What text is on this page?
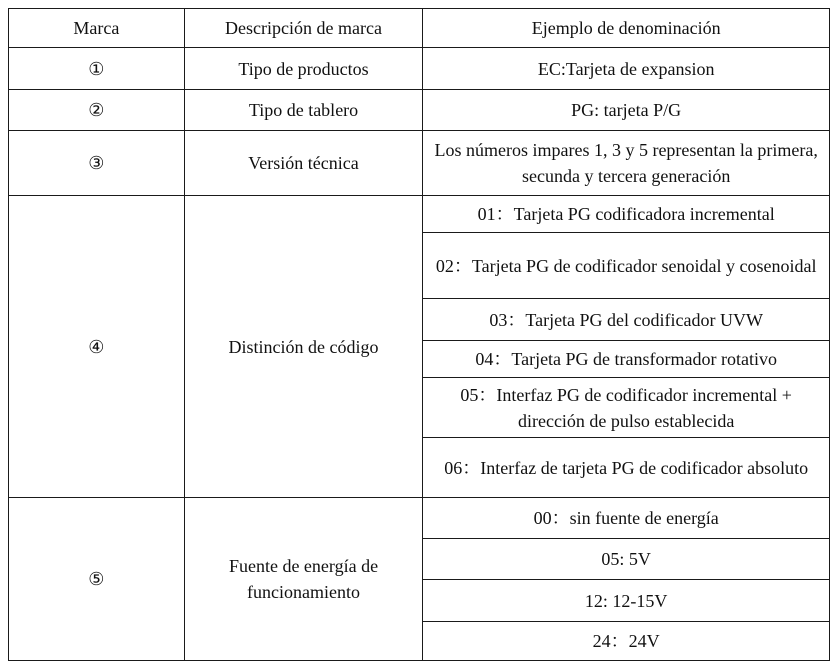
Marca	Descripción de marca	Ejemplo de denominación
①	Tipo de productos	EC:Tarjeta de expansion
②	Tipo de tablero	PG: tarjeta P/G
③	Versión técnica	Los números impares 1, 3 y 5 representan la primera, secunda y tercera generación
④	Distinción de código	01：Tarjeta PG codificadora incremental
		02：Tarjeta PG de codificador senoidal y cosenoidal
		03：Tarjeta PG del codificador UVW
		04：Tarjeta PG de transformador rotativo
		05：Interfaz PG de codificador incremental + dirección de pulso establecida
		06：Interfaz de tarjeta PG de codificador absoluto
⑤	Fuente de energía de funcionamiento	00：sin fuente de energía
		05: 5V
		12: 12-15V
		24：24V
